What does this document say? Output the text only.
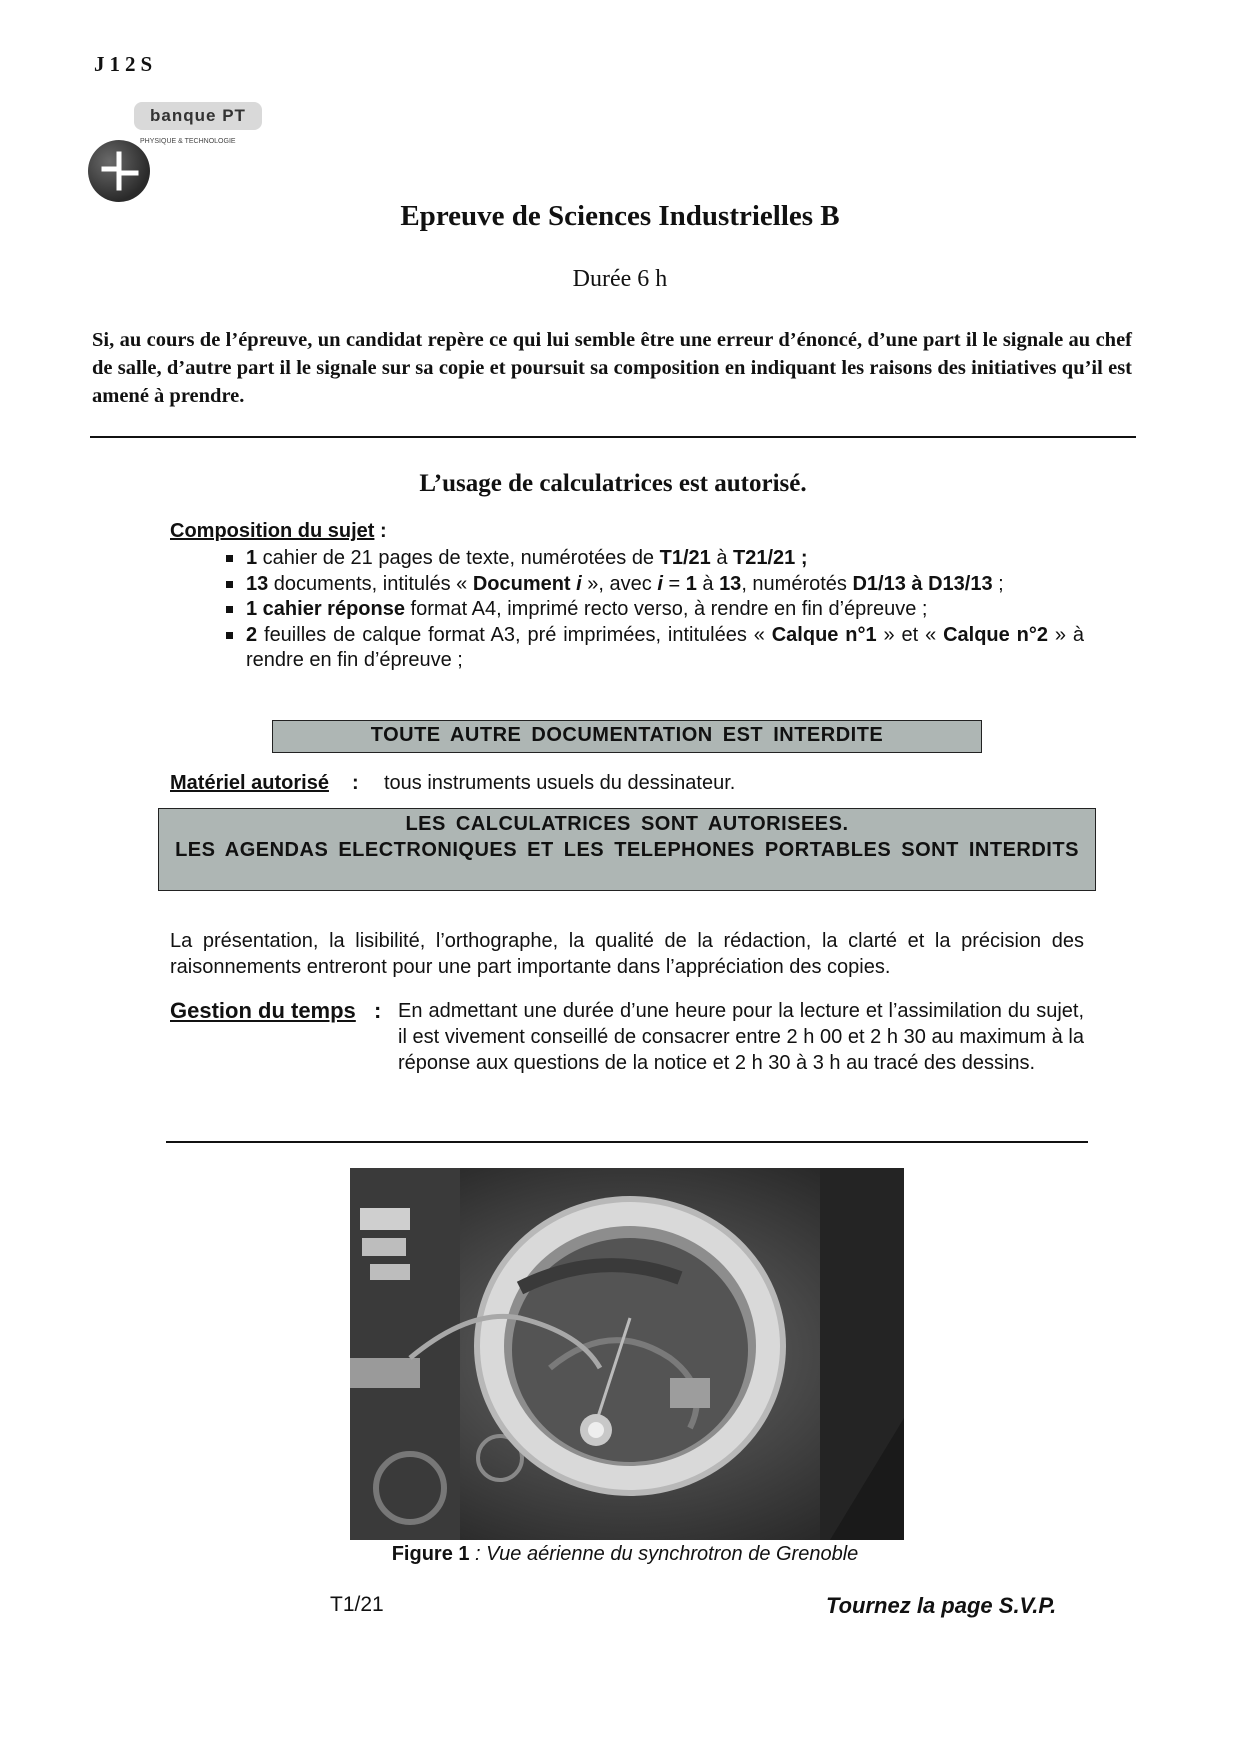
J12S
banque PT
PHYSIQUE & TECHNOLOGIE
Epreuve de Sciences Industrielles B
Durée 6 h
Si, au cours de l’épreuve, un candidat repère ce qui lui semble être une erreur d’énoncé, d’une part il le signale au chef de salle, d’autre part il le signale sur sa copie et poursuit sa composition en indiquant les raisons des initiatives qu’il est amené à prendre.
L’usage de calculatrices est autorisé.
Composition du sujet :
1 cahier de 21 pages de texte, numérotées de T1/21 à T21/21 ;
13 documents, intitulés « Document i », avec i = 1 à 13, numérotés D1/13 à D13/13 ;
1 cahier réponse format A4, imprimé recto verso, à rendre en fin d’épreuve ;
2 feuilles de calque format A3, pré imprimées, intitulées « Calque n°1 » et « Calque n°2 » à rendre en fin d’épreuve ;
TOUTE AUTRE DOCUMENTATION EST INTERDITE
Matériel autorisé : tous instruments usuels du dessinateur.
LES CALCULATRICES SONT AUTORISEES.
LES AGENDAS ELECTRONIQUES ET LES TELEPHONES PORTABLES SONT INTERDITS
La présentation, la lisibilité, l’orthographe, la qualité de la rédaction, la clarté et la précision des raisonnements entreront pour une part importante dans l’appréciation des copies.
Gestion du temps : En admettant une durée d’une heure pour la lecture et l’assimilation du sujet, il est vivement conseillé de consacrer entre 2 h 00 et 2 h 30 au maximum à la réponse aux questions de la notice et 2 h 30 à 3 h au tracé des dessins.
Figure 1 : Vue aérienne du synchrotron de Grenoble
T1/21	Tournez la page S.V.P.
